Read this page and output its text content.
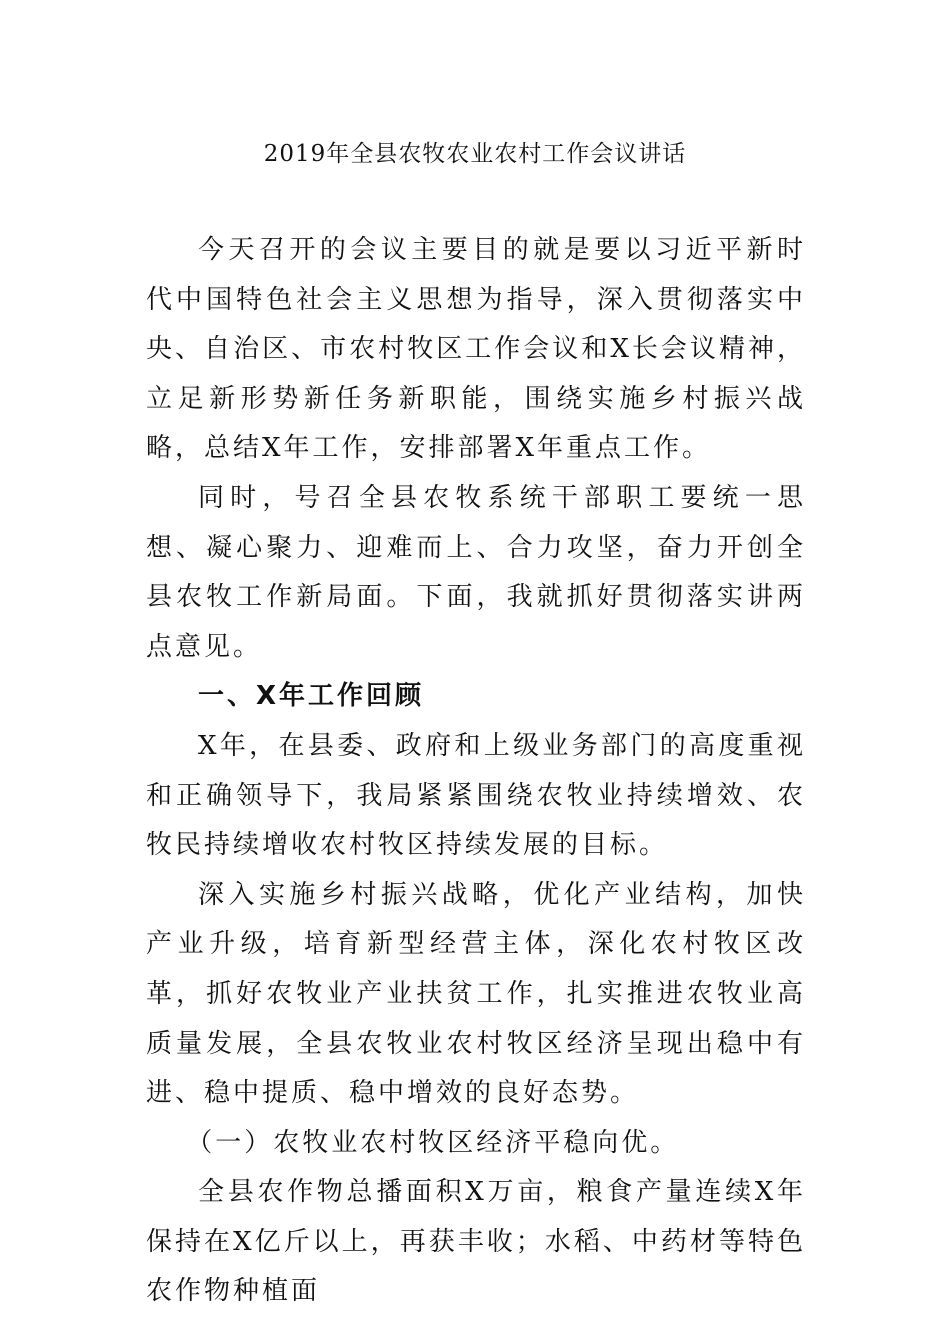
2019年全县农牧农业农村工作会议讲话

今天召开的会议主要目的就是要以习近平新时代中国特色社会主义思想为指导，深入贯彻落实中央、自治区、市农村牧区工作会议和X长会议精神，立足新形势新任务新职能，围绕实施乡村振兴战略，总结X年工作，安排部署X年重点工作。

同时，号召全县农牧系统干部职工要统一思想、凝心聚力、迎难而上、合力攻坚，奋力开创全县农牧工作新局面。下面，我就抓好贯彻落实讲两点意见。

一、X年工作回顾

X年，在县委、政府和上级业务部门的高度重视和正确领导下，我局紧紧围绕农牧业持续增效、农牧民持续增收农村牧区持续发展的目标。

深入实施乡村振兴战略，优化产业结构，加快产业升级，培育新型经营主体，深化农村牧区改革，抓好农牧业产业扶贫工作，扎实推进农牧业高质量发展，全县农牧业农村牧区经济呈现出稳中有进、稳中提质、稳中增效的良好态势。

（一）农牧业农村牧区经济平稳向优。

全县农作物总播面积X万亩，粮食产量连续X年保持在X亿斤以上，再获丰收；水稻、中药材等特色农作物种植面
